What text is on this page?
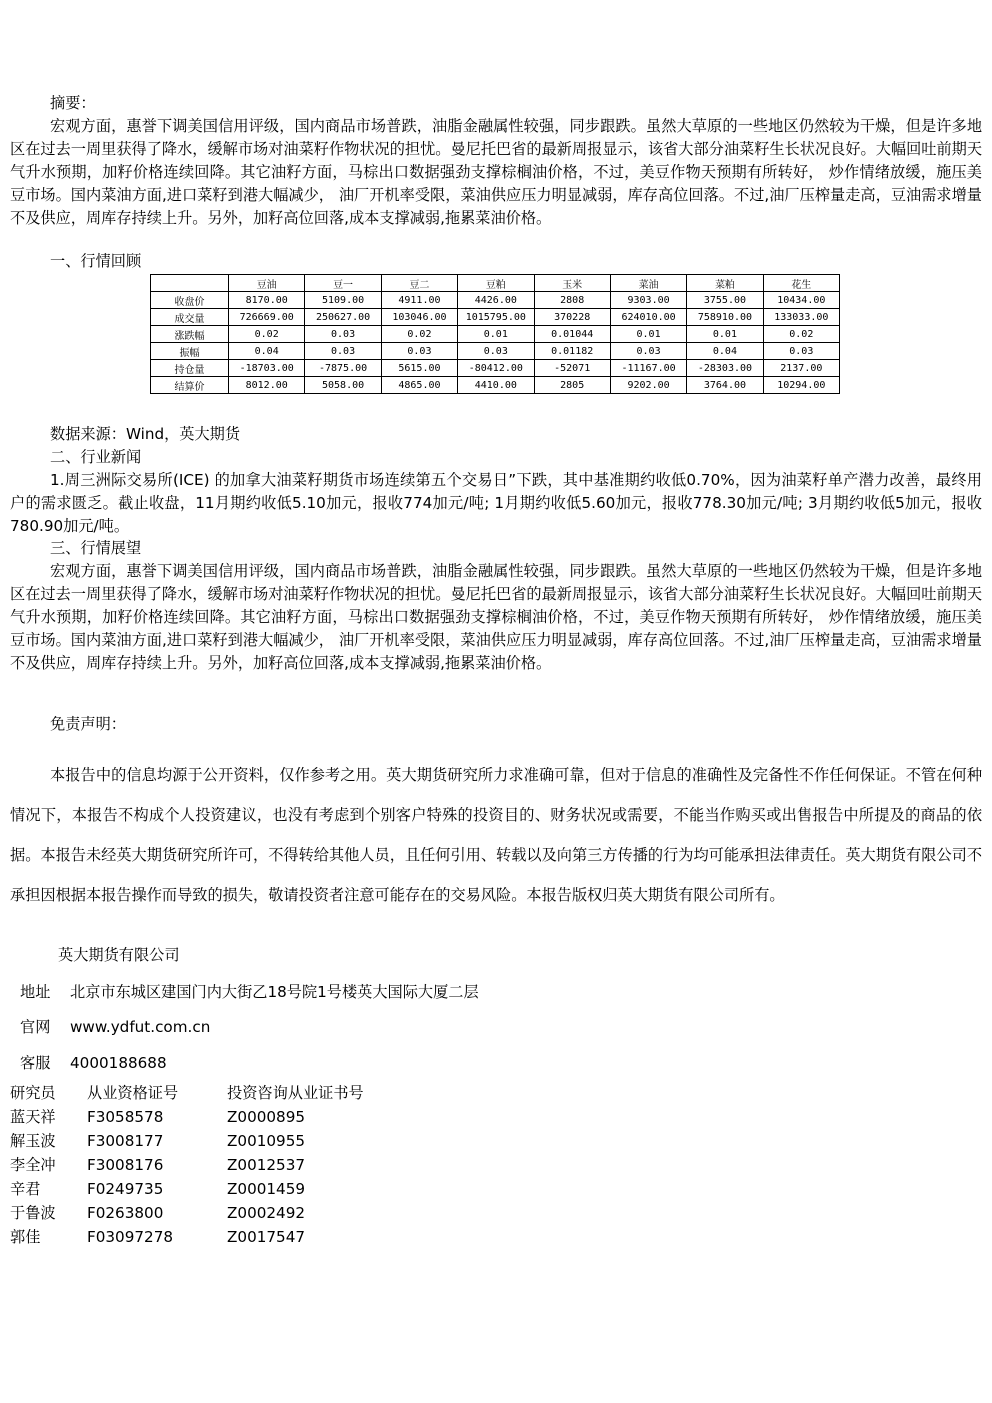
摘要：
宏观方面，惠誉下调美国信用评级，国内商品市场普跌，油脂金融属性较强，同步跟跌。虽然大草原的一些地区仍然较为干燥，但是许多地区在过去一周里获得了降水，缓解市场对油菜籽作物状况的担忧。曼尼托巴省的最新周报显示，该省大部分油菜籽生长状况良好。大幅回吐前期天气升水预期，加籽价格连续回降。其它油籽方面，马棕出口数据强劲支撑棕榈油价格，不过，美豆作物天预期有所转好， 炒作情绪放缓，施压美豆市场。国内菜油方面,进口菜籽到港大幅减少， 油厂开机率受限，菜油供应压力明显减弱，库存高位回落。不过,油厂压榨量走高，豆油需求增量不及供应，周库存持续上升。另外，加籽高位回落,成本支撑减弱,拖累菜油价格。
一、行情回顾
	豆油	豆一	豆二	豆粕	玉米	菜油	菜粕	花生
收盘价	8170.00	5109.00	4911.00	4426.00	2808	9303.00	3755.00	10434.00
成交量	726669.00	250627.00	103046.00	1015795.00	370228	624010.00	758910.00	133033.00
涨跌幅	0.02	0.03	0.02	0.01	0.01044	0.01	0.01	0.02
振幅	0.04	0.03	0.03	0.03	0.01182	0.03	0.04	0.03
持仓量	-18703.00	-7875.00	5615.00	-80412.00	-52071	-11167.00	-28303.00	2137.00
结算价	8012.00	5058.00	4865.00	4410.00	2805	9202.00	3764.00	10294.00
数据来源：Wind，英大期货
二、行业新闻
1.周三洲际交易所(ICE) 的加拿大油菜籽期货市场连续第五个交易日”下跌，其中基准期约收低0.70%，因为油菜籽单产潜力改善，最终用户的需求匮乏。截止收盘，11月期约收低5.10加元，报收774加元/吨; 1月期约收低5.60加元，报收778.30加元/吨; 3月期约收低5加元，报收780.90加元/吨。
三、行情展望
宏观方面，惠誉下调美国信用评级，国内商品市场普跌，油脂金融属性较强，同步跟跌。虽然大草原的一些地区仍然较为干燥，但是许多地区在过去一周里获得了降水，缓解市场对油菜籽作物状况的担忧。曼尼托巴省的最新周报显示，该省大部分油菜籽生长状况良好。大幅回吐前期天气升水预期，加籽价格连续回降。其它油籽方面，马棕出口数据强劲支撑棕榈油价格，不过，美豆作物天预期有所转好， 炒作情绪放缓，施压美豆市场。国内菜油方面,进口菜籽到港大幅减少， 油厂开机率受限，菜油供应压力明显减弱，库存高位回落。不过,油厂压榨量走高，豆油需求增量不及供应，周库存持续上升。另外，加籽高位回落,成本支撑减弱,拖累菜油价格。
免责声明：
本报告中的信息均源于公开资料，仅作参考之用。英大期货研究所力求准确可靠，但对于信息的准确性及完备性不作任何保证。不管在何种情况下，本报告不构成个人投资建议，也没有考虑到个别客户特殊的投资目的、财务状况或需要，不能当作购买或出售报告中所提及的商品的依据。本报告未经英大期货研究所许可，不得转给其他人员，且任何引用、转载以及向第三方传播的行为均可能承担法律责任。英大期货有限公司不承担因根据本报告操作而导致的损失，敬请投资者注意可能存在的交易风险。本报告版权归英大期货有限公司所有。
英大期货有限公司
地址 北京市东城区建国门内大街乙18号院1号楼英大国际大厦二层
官网 www.ydfut.com.cn
客服 4000188688
研究员	从业资格证号	投资咨询从业证书号
蓝天祥	F3058578	Z0000895
解玉波	F3008177	Z0010955
李全冲	F3008176	Z0012537
辛君	F0249735	Z0001459
于鲁波	F0263800	Z0002492
郭佳	F03097278	Z0017547
